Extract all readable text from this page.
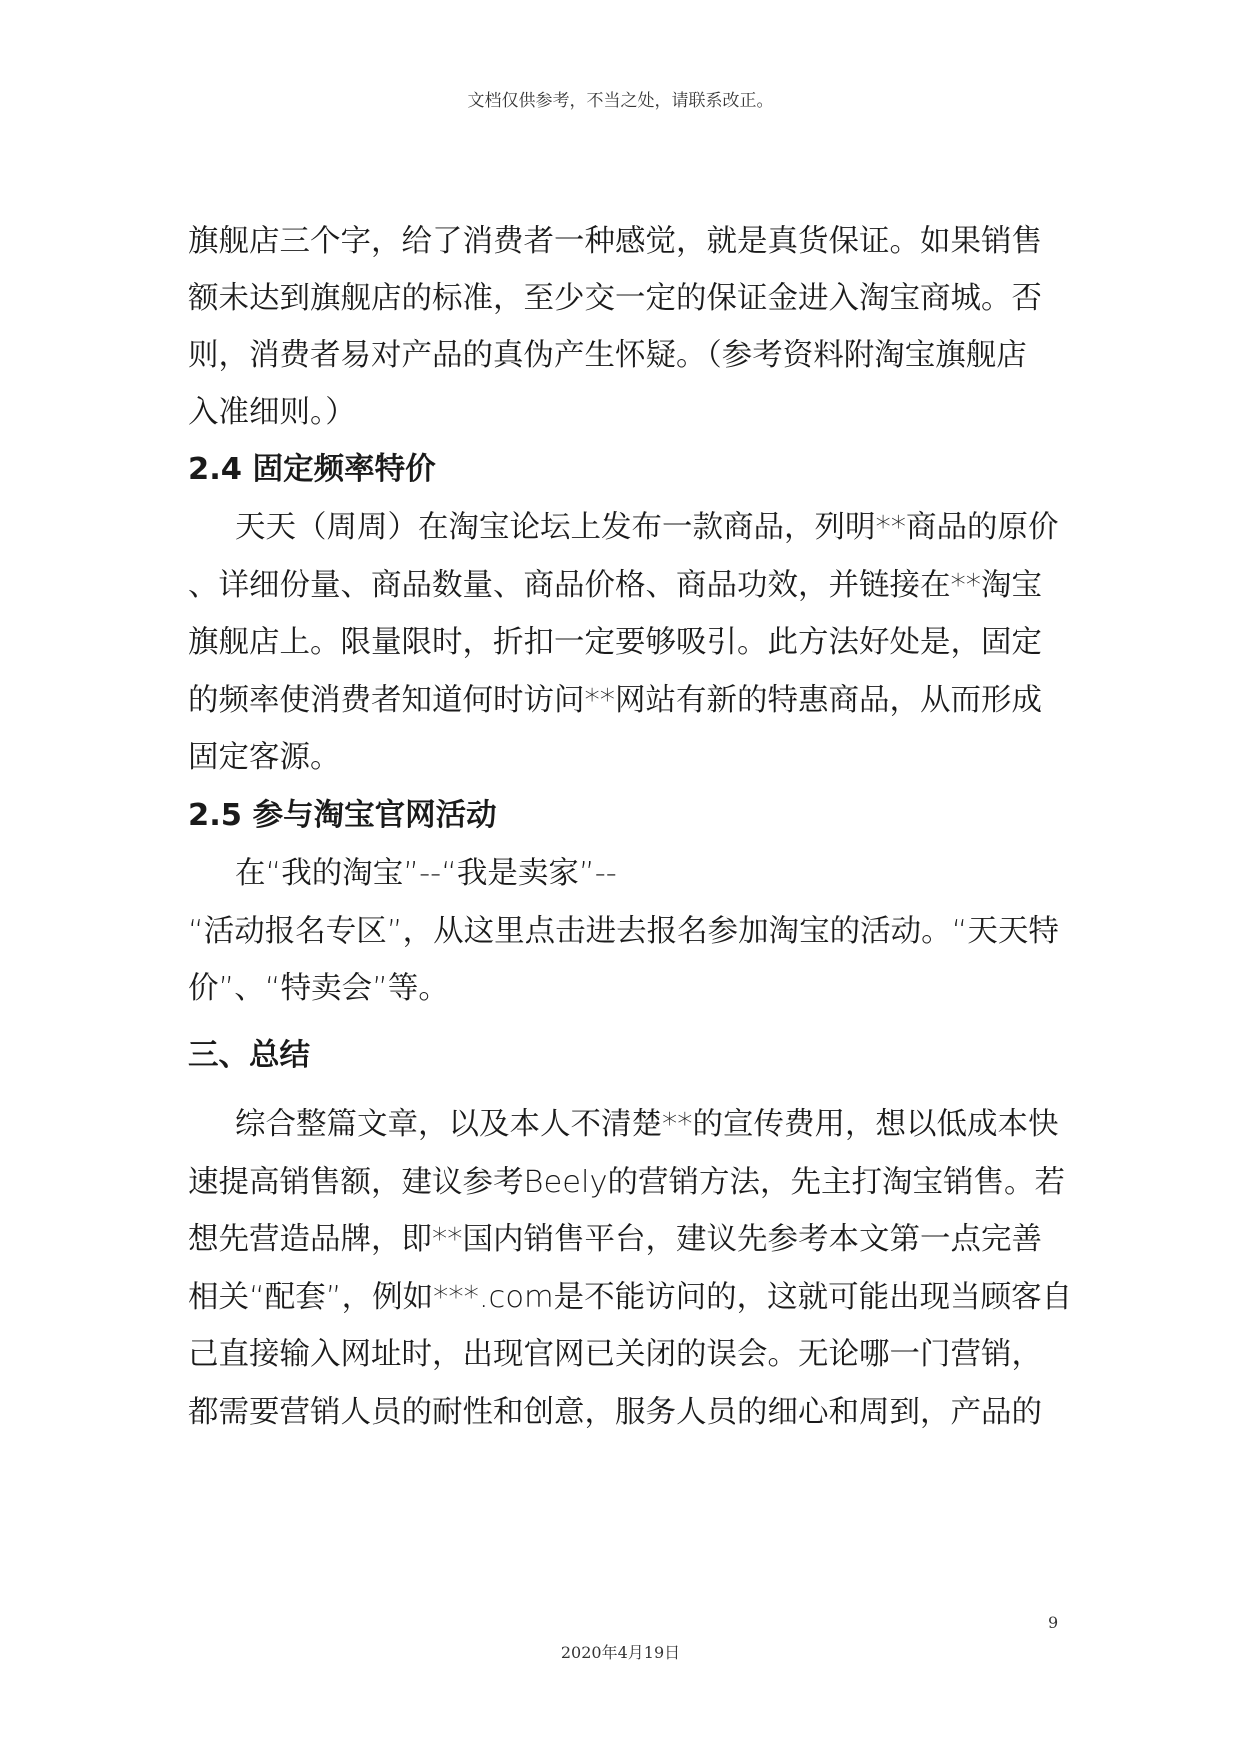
文档仅供参考，不当之处，请联系改正。
旗舰店三个字，给了消费者一种感觉，就是真货保证。如果销售
额未达到旗舰店的标准，至少交一定的保证金进入淘宝商城。否
则，消费者易对产品的真伪产生怀疑。（参考资料附淘宝旗舰店
入准细则。）
2.4 固定频率特价
天天（周周）在淘宝论坛上发布一款商品，列明**商品的原价
、详细份量、商品数量、商品价格、商品功效，并链接在**淘宝
旗舰店上。限量限时，折扣一定要够吸引。此方法好处是，固定
的频率使消费者知道何时访问**网站有新的特惠商品，从而形成
固定客源。
2.5 参与淘宝官网活动
在“我的淘宝”--“我是卖家”--
“活动报名专区”，从这里点击进去报名参加淘宝的活动。“天天特
价”、“特卖会”等。
三、总结
综合整篇文章，以及本人不清楚**的宣传费用，想以低成本快
速提高销售额，建议参考Beely的营销方法，先主打淘宝销售。若
想先营造品牌，即**国内销售平台，建议先参考本文第一点完善
相关“配套”，例如***.com是不能访问的，这就可能出现当顾客自
己直接输入网址时，出现官网已关闭的误会。无论哪一门营销，
都需要营销人员的耐性和创意，服务人员的细心和周到，产品的
9
2020年4月19日
